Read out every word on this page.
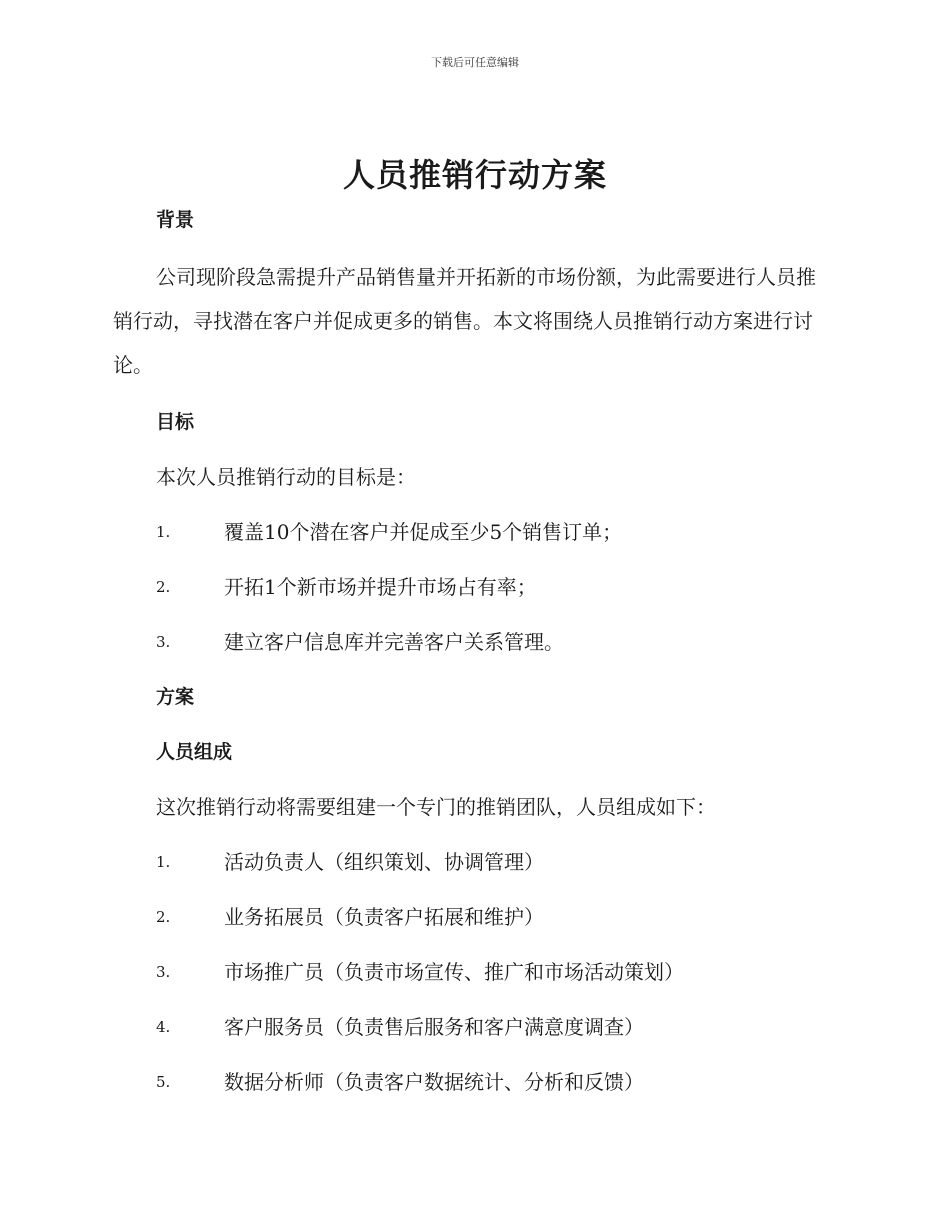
下载后可任意编辑
人员推销行动方案

背景

公司现阶段急需提升产品销售量并开拓新的市场份额，为此需要进行人员推销行动，寻找潜在客户并促成更多的销售。本文将围绕人员推销行动方案进行讨论。

目标

本次人员推销行动的目标是：

1.	覆盖10个潜在客户并促成至少5个销售订单；
2.	开拓1个新市场并提升市场占有率；
3.	建立客户信息库并完善客户关系管理。

方案

人员组成

这次推销行动将需要组建一个专门的推销团队，人员组成如下：

1.	活动负责人（组织策划、协调管理）
2.	业务拓展员（负责客户拓展和维护）
3.	市场推广员（负责市场宣传、推广和市场活动策划）
4.	客户服务员（负责售后服务和客户满意度调查）
5.	数据分析师（负责客户数据统计、分析和反馈）
